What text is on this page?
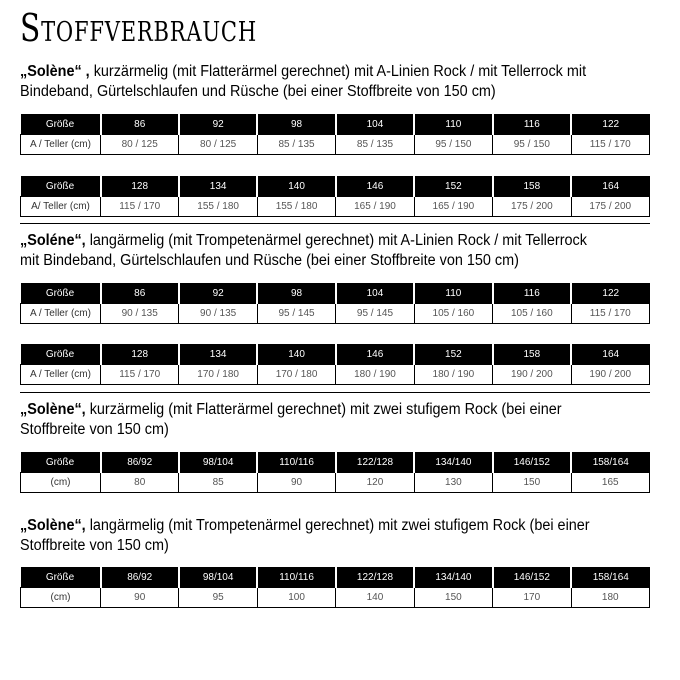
Stoffverbrauch
„Solène“ , kurzärmelig (mit Flatterärmel gerechnet) mit A-Linien Rock / mit Tellerrock mit
Bindeband, Gürtelschlaufen und Rüsche (bei einer Stoffbreite von 150 cm)
Größe	86	92	98	104	110	116	122
A / Teller (cm)	80 / 125	80 / 125	85 / 135	85 / 135	95 / 150	95 / 150	115 / 170
Größe	128	134	140	146	152	158	164
A/ Teller (cm)	115 / 170	155 / 180	155 / 180	165 / 190	165 / 190	175 / 200	175 / 200
„Soléne“, langärmelig (mit Trompetenärmel gerechnet) mit A-Linien Rock / mit Tellerrock
mit Bindeband, Gürtelschlaufen und Rüsche (bei einer Stoffbreite von 150 cm)
Größe	86	92	98	104	110	116	122
A / Teller (cm)	90 / 135	90 / 135	95 / 145	95 / 145	105 / 160	105 / 160	115 / 170
Größe	128	134	140	146	152	158	164
A / Teller (cm)	115 / 170	170 / 180	170 / 180	180 / 190	180 / 190	190 / 200	190 / 200
„Solène“, kurzärmelig (mit Flatterärmel gerechnet) mit zwei stufigem Rock (bei einer
Stoffbreite von 150 cm)
Größe	86/92	98/104	110/116	122/128	134/140	146/152	158/164
(cm)	80	85	90	120	130	150	165
„Solène“, langärmelig (mit Trompetenärmel gerechnet) mit zwei stufigem Rock (bei einer
Stoffbreite von 150 cm)
Größe	86/92	98/104	110/116	122/128	134/140	146/152	158/164
(cm)	90	95	100	140	150	170	180
